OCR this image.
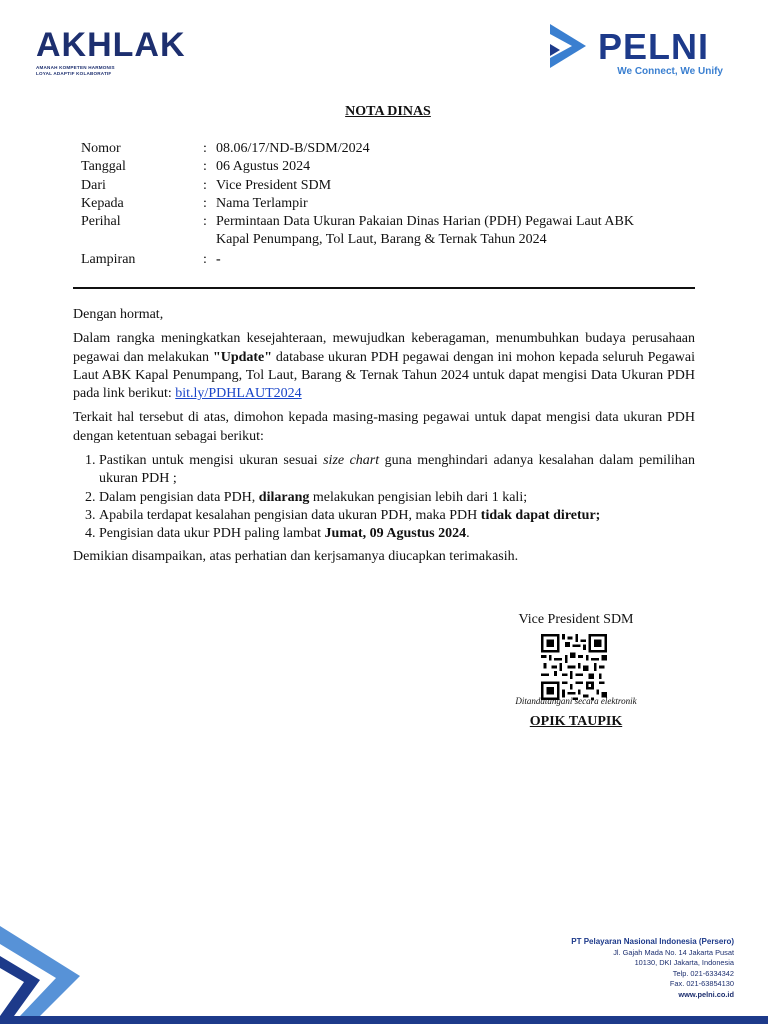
AKHLAK
AMANAH KOMPETEN HARMONIS
LOYAL ADAPTIF KOLABORATIF
PELNI
We Connect, We Unify
NOTA DINAS
Nomor	: 08.06/17/ND-B/SDM/2024
Tanggal	: 06 Agustus 2024
Dari	: Vice President SDM
Kepada	: Nama Terlampir
Perihal	: Permintaan Data Ukuran Pakaian Dinas Harian (PDH) Pegawai Laut ABK
Kapal Penumpang, Tol Laut, Barang & Ternak Tahun 2024
Lampiran	: -

Dengan hormat,

Dalam rangka meningkatkan kesejahteraan, mewujudkan keberagaman, menumbuhkan budaya perusahaan pegawai dan melakukan "Update" database ukuran PDH pegawai dengan ini mohon kepada seluruh Pegawai Laut ABK Kapal Penumpang, Tol Laut, Barang & Ternak Tahun 2024 untuk dapat mengisi Data Ukuran PDH pada link berikut: bit.ly/PDHLAUT2024

Terkait hal tersebut di atas, dimohon kepada masing-masing pegawai untuk dapat mengisi data ukuran PDH dengan ketentuan sebagai berikut:

1. Pastikan untuk mengisi ukuran sesuai size chart guna menghindari adanya kesalahan dalam pemilihan ukuran PDH ;
2. Dalam pengisian data PDH, dilarang melakukan pengisian lebih dari 1 kali;
3. Apabila terdapat kesalahan pengisian data ukuran PDH, maka PDH tidak dapat diretur;
4. Pengisian data ukur PDH paling lambat Jumat, 09 Agustus 2024.

Demikian disampaikan, atas perhatian dan kerjsamanya diucapkan terimakasih.

Vice President SDM
Ditandatangani secara elektronik
OPIK TAUPIK
PT Pelayaran Nasional Indonesia (Persero)
Jl. Gajah Mada No. 14 Jakarta Pusat
10130, DKI Jakarta, Indonesia
Telp. 021-6334342
Fax. 021-63854130
www.pelni.co.id
